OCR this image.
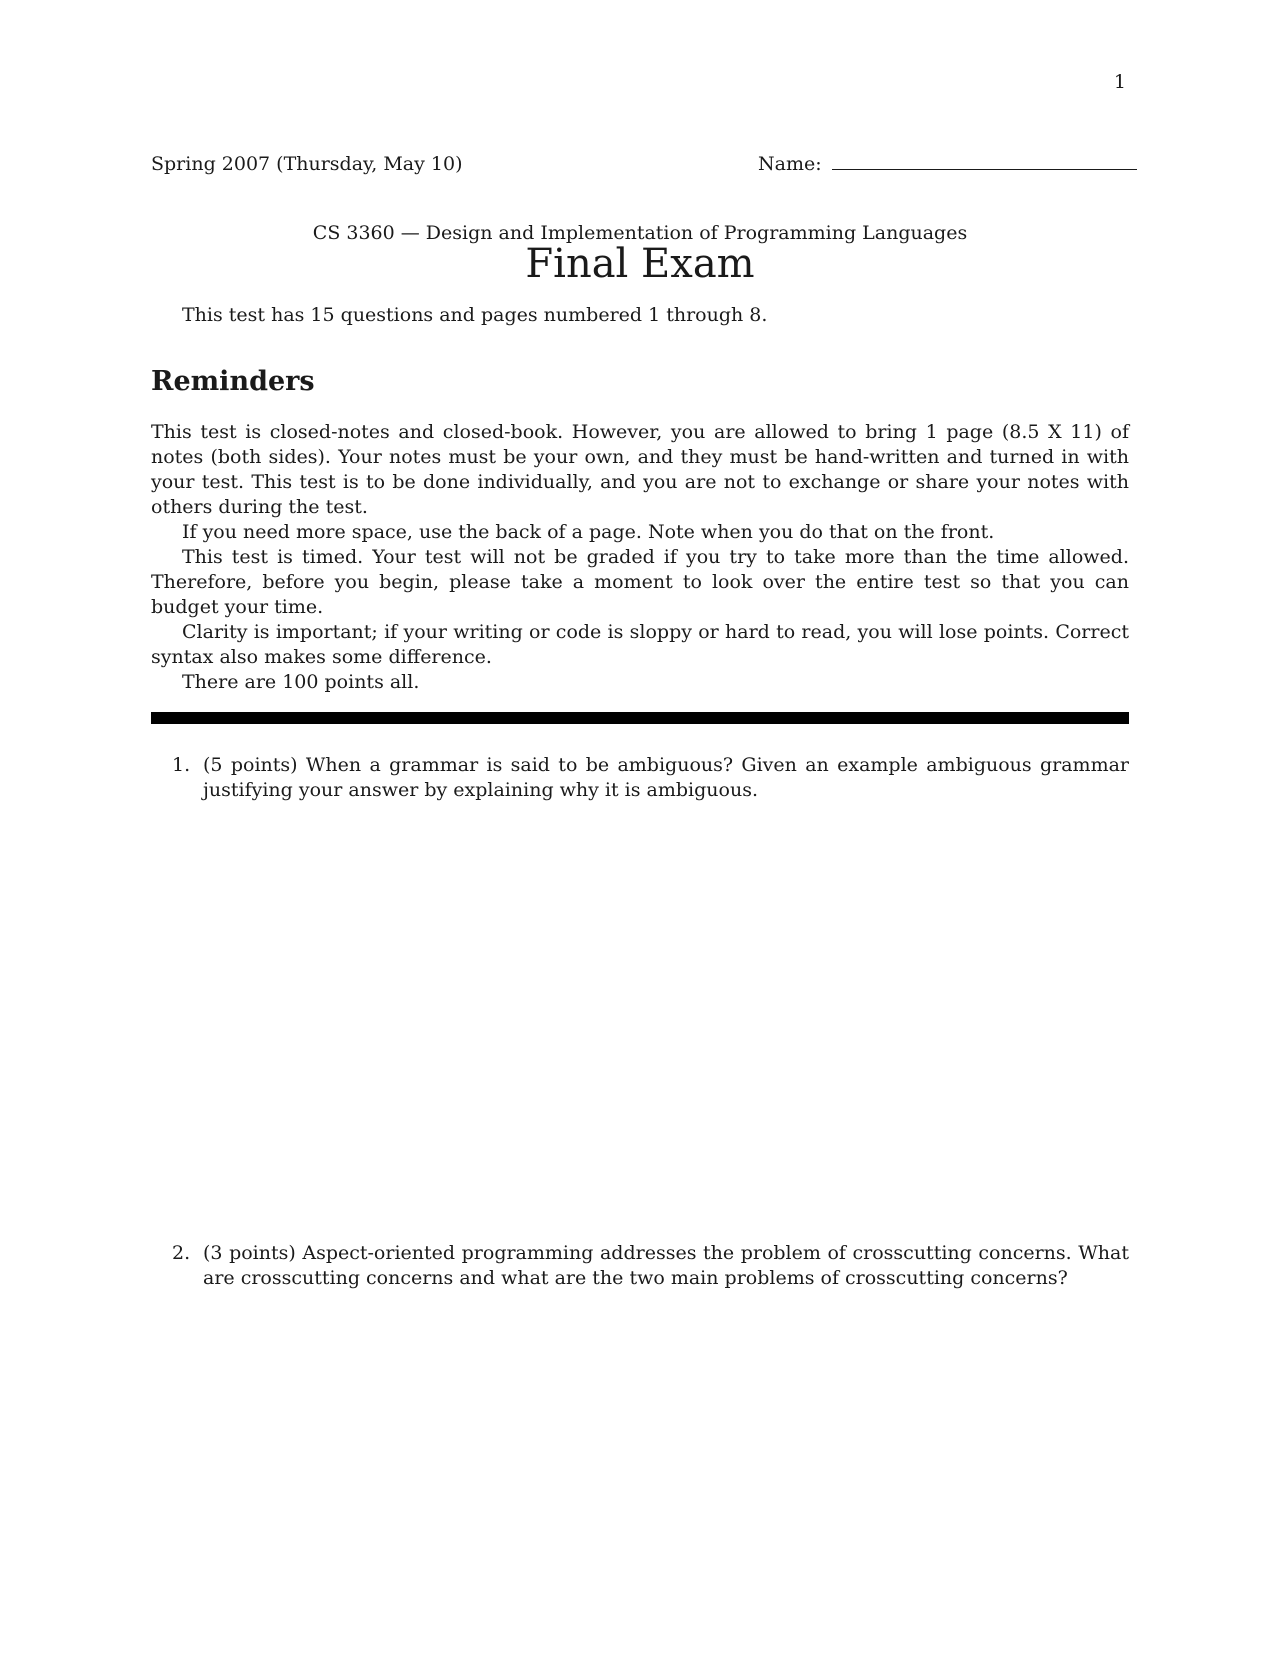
1
Spring 2007 (Thursday, May 10)	Name:
CS 3360 — Design and Implementation of Programming Languages
Final Exam
This test has 15 questions and pages numbered 1 through 8.
Reminders

This test is closed-notes and closed-book. However, you are allowed to bring 1 page (8.5 X 11) of notes (both sides). Your notes must be your own, and they must be hand-written and turned in with your test. This test is to be done individually, and you are not to exchange or share your notes with others during the test.

If you need more space, use the back of a page. Note when you do that on the front.

This test is timed. Your test will not be graded if you try to take more than the time allowed. Therefore, before you begin, please take a moment to look over the entire test so that you can budget your time.

Clarity is important; if your writing or code is sloppy or hard to read, you will lose points. Correct syntax also makes some difference.

There are 100 points all.

1. (5 points) When a grammar is said to be ambiguous? Given an example ambiguous grammar justifying your answer by explaining why it is ambiguous.
2. (3 points) Aspect-oriented programming addresses the problem of crosscutting concerns. What are crosscutting concerns and what are the two main problems of crosscutting concerns?
